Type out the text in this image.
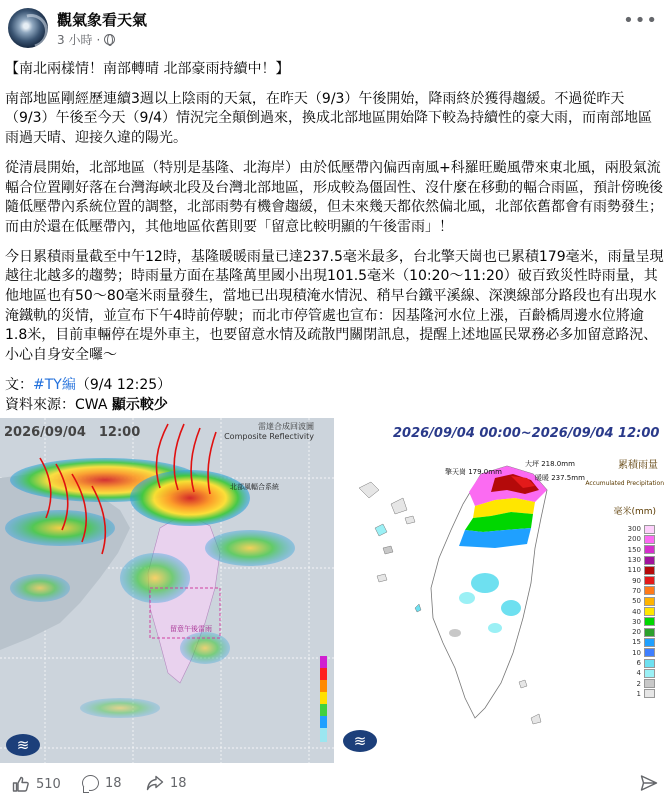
觀氣象看天氣
3 小時 ·
•••

【南北兩樣情！南部轉晴 北部豪雨持續中！】

南部地區剛經歷連續3週以上陰雨的天氣，在昨天（9/3）午後開始，降雨終於獲得趨緩。不過從昨天（9/3）午後至今天（9/4）情況完全顛倒過來，換成北部地區開始降下較為持續性的豪大雨，而南部地區雨過天晴、迎接久違的陽光。

從清晨開始，北部地區（特別是基隆、北海岸）由於低壓帶內偏西南風+科羅旺颱風帶來東北風，兩股氣流輻合位置剛好落在台灣海峽北段及台灣北部地區，形成較為僵固性、沒什麼在移動的輻合雨區，預計傍晚後隨低壓帶內系統位置的調整，北部雨勢有機會趨緩，但未來幾天都依然偏北風，北部依舊都會有雨勢發生；而由於還在低壓帶內，其他地區依舊則要「留意比較明顯的午後雷雨」！

今日累積雨量截至中午12時，基隆暖暖雨量已達237.5毫米最多，台北擎天崗也已累積179毫米，雨量呈現越往北越多的趨勢；時雨量方面在基隆萬里國小出現101.5毫米（10:20～11:20）破百致災性時雨量，其他地區也有50～80毫米雨量發生，當地已出現積淹水情況、稍早台鐵平溪線、深澳線部分路段也有出現水淹鐵軌的災情，並宣布下午4時前停駛；而北市停管處也宣布：因基隆河水位上漲，百齡橋周邊水位將逾1.8米，目前車輛停在堤外車主，也要留意水情及疏散門關閉訊息，提醒上述地區民眾務必多加留意路況、小心自身安全囉〜

文：#TY編（9/4 12:25）
資料來源：CWA 顯示較少
2026/09/04　12:00	雷達合成回波圖
Composite Reflectivity
北部風輻合系統
留意午後雷雨
≋
2026/09/04 00:00~2026/09/04 12:00
擎天崗 179.0mm
大坪 218.0mm
暖暖 237.5mm
累積雨量
Accumulated Precipitation
毫米(mm)
300
200
150
130
110
90
70
50
40
30
20
15
10
6
4
2
1
≋
510	18	18
